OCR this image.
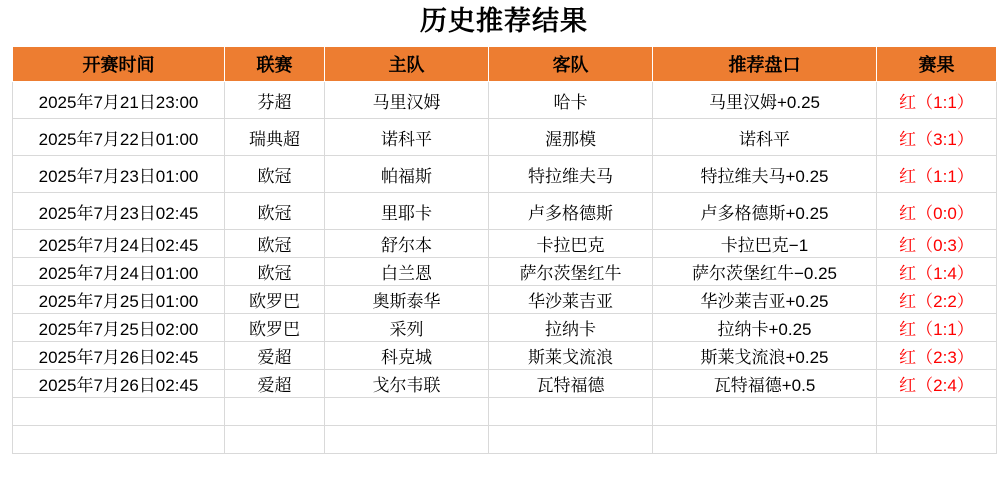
历史推荐结果
开赛时间	联赛	主队	客队	推荐盘口	赛果
2025年7月21日23:00	芬超	马里汉姆	哈卡	马里汉姆+0.25	红（1:1）
2025年7月22日01:00	瑞典超	诺科平	渥那模	诺科平	红（3:1）
2025年7月23日01:00	欧冠	帕福斯	特拉维夫马	特拉维夫马+0.25	红（1:1）
2025年7月23日02:45	欧冠	里耶卡	卢多格德斯	卢多格德斯+0.25	红（0:0）
2025年7月24日02:45	欧冠	舒尔本	卡拉巴克	卡拉巴克−1	红（0:3）
2025年7月24日01:00	欧冠	白兰恩	萨尔茨堡红牛	萨尔茨堡红牛−0.25	红（1:4）
2025年7月25日01:00	欧罗巴	奥斯泰华	华沙莱吉亚	华沙莱吉亚+0.25	红（2:2）
2025年7月25日02:00	欧罗巴	采列	拉纳卡	拉纳卡+0.25	红（1:1）
2025年7月26日02:45	爱超	科克城	斯莱戈流浪	斯莱戈流浪+0.25	红（2:3）
2025年7月26日02:45	爱超	戈尔韦联	瓦特福德	瓦特福德+0.5	红（2:4）
